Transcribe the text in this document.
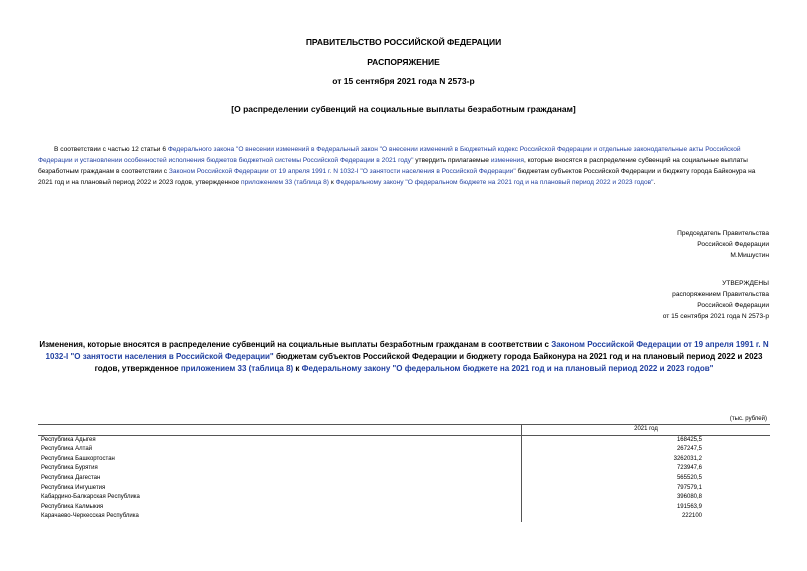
ПРАВИТЕЛЬСТВО РОССИЙСКОЙ ФЕДЕРАЦИИ
РАСПОРЯЖЕНИЕ
от 15 сентября 2021 года N 2573-р
[О распределении субвенций на социальные выплаты безработным гражданам]
В соответствии с частью 12 статьи 6 Федерального закона "О внесении изменений в Федеральный закон "О внесении изменений в Бюджетный кодекс Российской Федерации и отдельные законодательные акты Российской Федерации и установлении особенностей исполнения бюджетов бюджетной системы Российской Федерации в 2021 году" утвердить прилагаемые изменения, которые вносятся в распределение субвенций на социальные выплаты безработным гражданам в соответствии с Законом Российской Федерации от 19 апреля 1991 г. N 1032-I "О занятости населения в Российской Федерации" бюджетам субъектов Российской Федерации и бюджету города Байконура на 2021 год и на плановый период 2022 и 2023 годов, утвержденное приложением 33 (таблица 8) к Федеральному закону "О федеральном бюджете на 2021 год и на плановый период 2022 и 2023 годов".
Председатель Правительства
Российской Федерации
М.Мишустин
УТВЕРЖДЕНЫ
распоряжением Правительства
Российской Федерации
от 15 сентября 2021 года N 2573-р
Изменения, которые вносятся в распределение субвенций на социальные выплаты безработным гражданам в соответствии с Законом Российской Федерации от 19 апреля 1991 г. N 1032-I "О занятости населения в Российской Федерации" бюджетам субъектов Российской Федерации и бюджету города Байконура на 2021 год и на плановый период 2022 и 2023 годов, утвержденное приложением 33 (таблица 8) к Федеральному закону "О федеральном бюджете на 2021 год и на плановый период 2022 и 2023 годов"
(тыс. рублей)
	2021 год
Республика Адыгея	168425,5
Республика Алтай	267247,5
Республика Башкортостан	3262031,2
Республика Бурятия	723947,6
Республика Дагестан	565520,5
Республика Ингушетия	797579,1
Кабардино-Балкарская Республика	396080,8
Республика Калмыкия	191563,9
Карачаево-Черкесская Республика	222100
